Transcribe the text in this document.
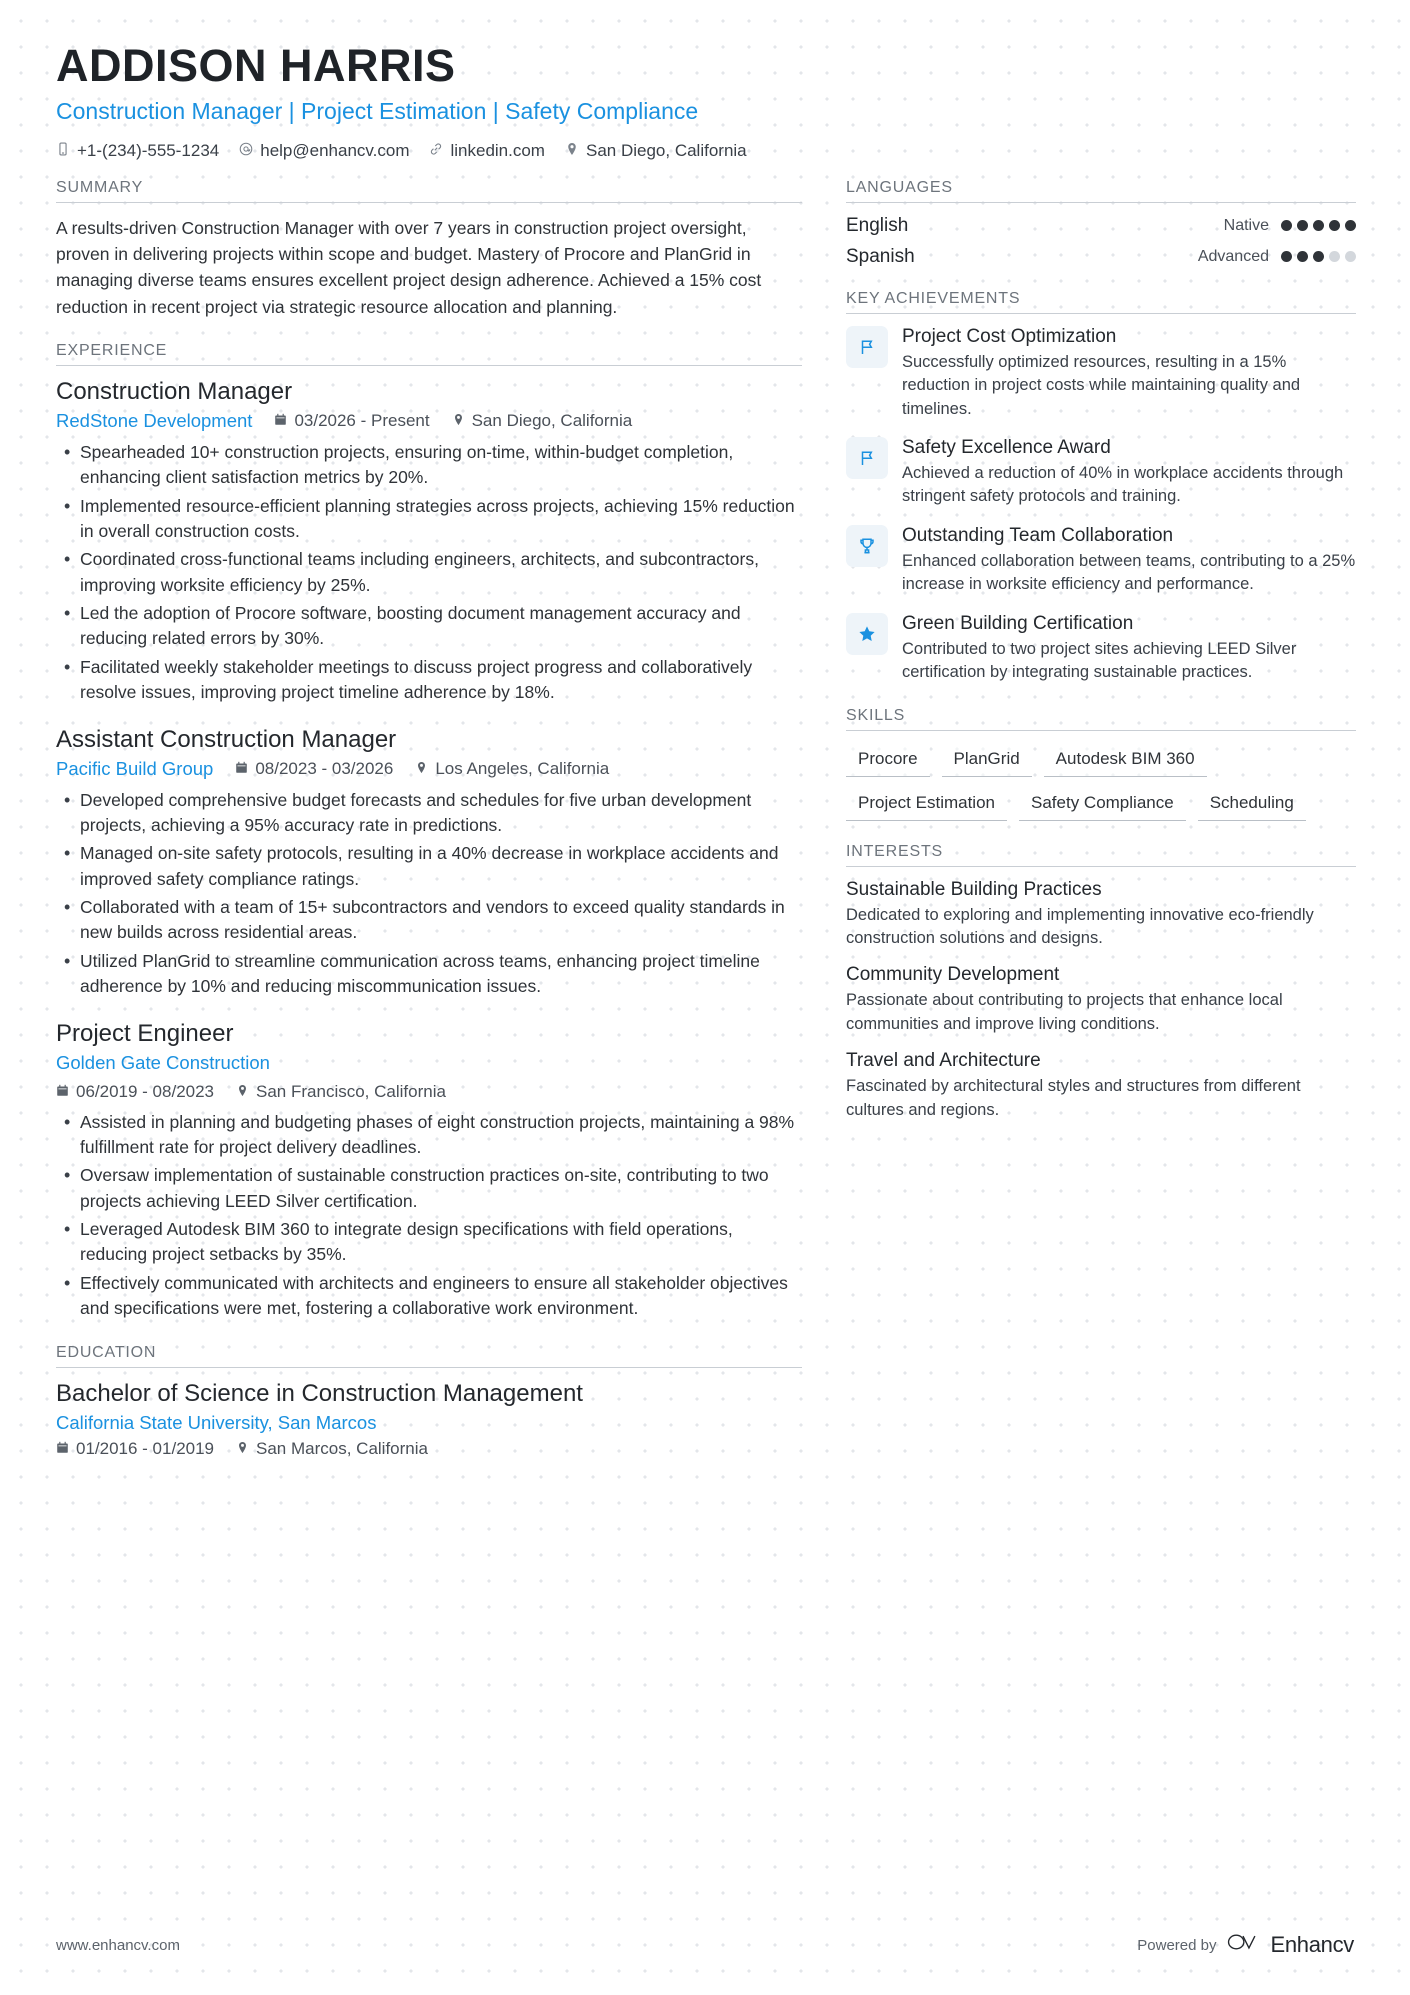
ADDISON HARRIS
Construction Manager | Project Estimation | Safety Compliance
+1-(234)-555-1234 help@enhancv.com linkedin.com San Diego, California
SUMMARY
A results-driven Construction Manager with over 7 years in construction project oversight, proven in delivering projects within scope and budget. Mastery of Procore and PlanGrid in managing diverse teams ensures excellent project design adherence. Achieved a 15% cost reduction in recent project via strategic resource allocation and planning.
EXPERIENCE
Construction Manager
RedStone Development 03/2026 - Present San Diego, California
• Spearheaded 10+ construction projects, ensuring on-time, within-budget completion, enhancing client satisfaction metrics by 20%.
• Implemented resource-efficient planning strategies across projects, achieving 15% reduction in overall construction costs.
• Coordinated cross-functional teams including engineers, architects, and subcontractors, improving worksite efficiency by 25%.
• Led the adoption of Procore software, boosting document management accuracy and reducing related errors by 30%.
• Facilitated weekly stakeholder meetings to discuss project progress and collaboratively resolve issues, improving project timeline adherence by 18%.
Assistant Construction Manager
Pacific Build Group 08/2023 - 03/2026 Los Angeles, California
• Developed comprehensive budget forecasts and schedules for five urban development projects, achieving a 95% accuracy rate in predictions.
• Managed on-site safety protocols, resulting in a 40% decrease in workplace accidents and improved safety compliance ratings.
• Collaborated with a team of 15+ subcontractors and vendors to exceed quality standards in new builds across residential areas.
• Utilized PlanGrid to streamline communication across teams, enhancing project timeline adherence by 10% and reducing miscommunication issues.
Project Engineer
Golden Gate Construction
06/2019 - 08/2023 San Francisco, California
• Assisted in planning and budgeting phases of eight construction projects, maintaining a 98% fulfillment rate for project delivery deadlines.
• Oversaw implementation of sustainable construction practices on-site, contributing to two projects achieving LEED Silver certification.
• Leveraged Autodesk BIM 360 to integrate design specifications with field operations, reducing project setbacks by 35%.
• Effectively communicated with architects and engineers to ensure all stakeholder objectives and specifications were met, fostering a collaborative work environment.
EDUCATION
Bachelor of Science in Construction Management
California State University, San Marcos
01/2016 - 01/2019 San Marcos, California
LANGUAGES
English	Native
Spanish	Advanced
KEY ACHIEVEMENTS
Project Cost Optimization
Successfully optimized resources, resulting in a 15% reduction in project costs while maintaining quality and timelines.
Safety Excellence Award
Achieved a reduction of 40% in workplace accidents through stringent safety protocols and training.
Outstanding Team Collaboration
Enhanced collaboration between teams, contributing to a 25% increase in worksite efficiency and performance.
Green Building Certification
Contributed to two project sites achieving LEED Silver certification by integrating sustainable practices.
SKILLS
Procore	PlanGrid	Autodesk BIM 360
Project Estimation	Safety Compliance	Scheduling
INTERESTS
Sustainable Building Practices
Dedicated to exploring and implementing innovative eco-friendly construction solutions and designs.
Community Development
Passionate about contributing to projects that enhance local communities and improve living conditions.
Travel and Architecture
Fascinated by architectural styles and structures from different cultures and regions.
www.enhancv.com	Powered by Enhancv
